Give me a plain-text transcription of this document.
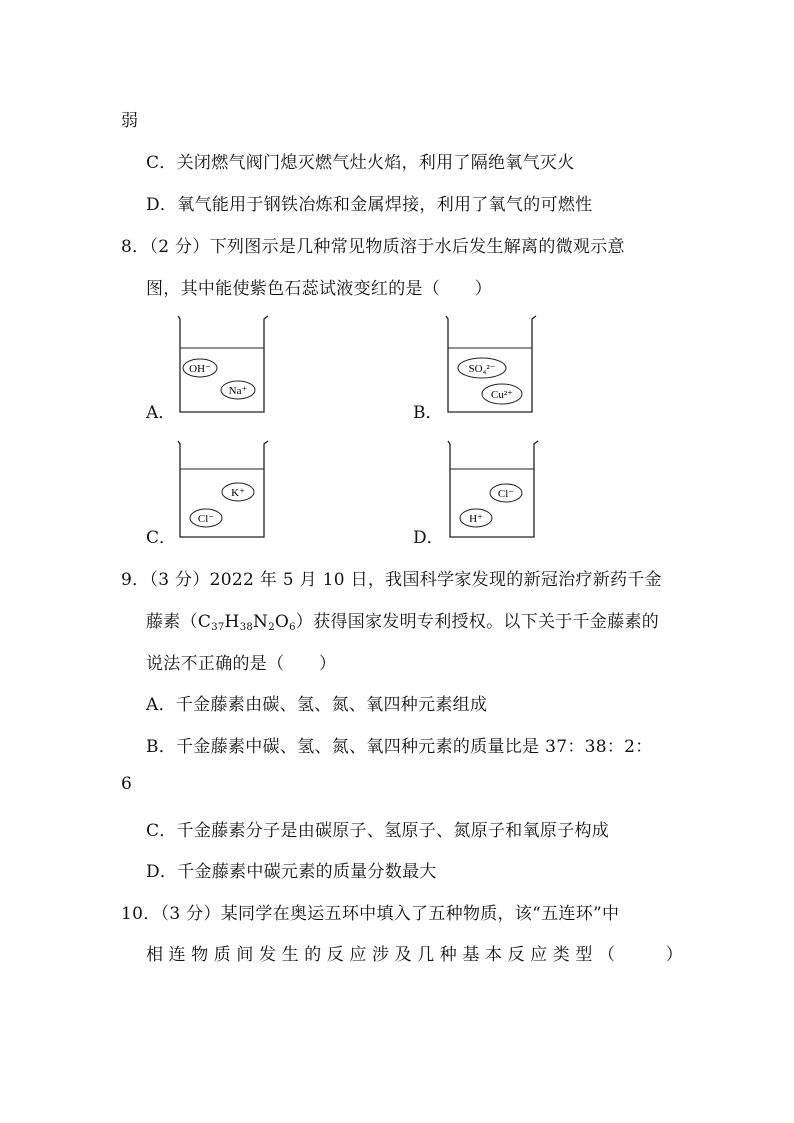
弱
C．关闭燃气阀门熄灭燃气灶火焰，利用了隔绝氧气灭火
D．氧气能用于钢铁冶炼和金属焊接，利用了氧气的可燃性
8．（2 分）下列图示是几种常见物质溶于水后发生解离的微观示意
图，其中能使紫色石蕊试液变红的是（　　）
A．
OH⁻
Na⁺
B．
SO₄²⁻
Cu²⁺
C．
K⁺
Cl⁻
D．
Cl⁻
H⁺
9．（3 分）2022 年 5 月 10 日，我国科学家发现的新冠治疗新药千金
藤素$(C_{37}H_{38}N_2O_6)$获得国家发明专利授权。以下关于千金藤素的
说法不正确的是（　　）
A．千金藤素由碳、氢、氮、氧四种元素组成
B．千金藤素中碳、氢、氮、氧四种元素的质量比是 37：38：2：
6
C．千金藤素分子是由碳原子、氢原子、氮原子和氧原子构成
D．千金藤素中碳元素的质量分数最大
10．（3 分）某同学在奥运五环中填入了五种物质，该“五连环”中
相连物质间发生的反应涉及几种基本反应类型（　　）
